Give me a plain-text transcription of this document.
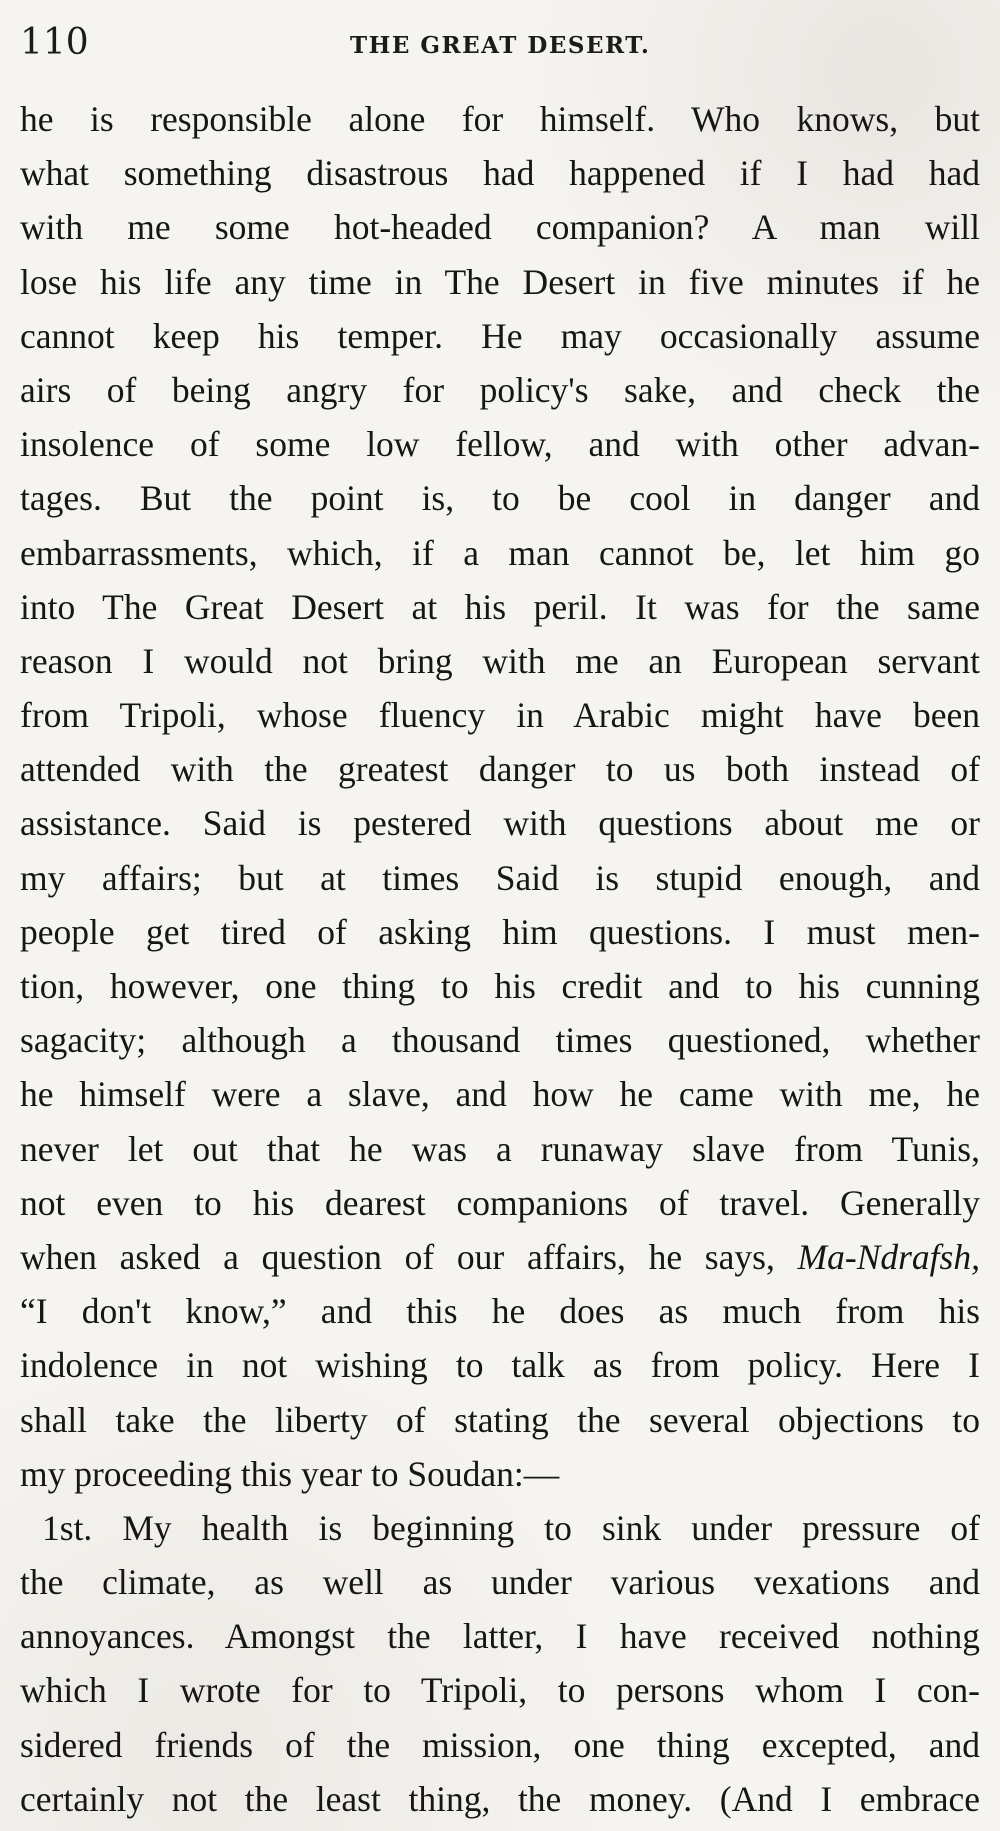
110	THE GREAT DESERT.
he is responsible alone for himself. Who knows, but
what something disastrous had happened if I had had
with me some hot-headed companion? A man will
lose his life any time in The Desert in five minutes if he
cannot keep his temper. He may occasionally assume
airs of being angry for policy's sake, and check the
insolence of some low fellow, and with other advan-
tages. But the point is, to be cool in danger and
embarrassments, which, if a man cannot be, let him go
into The Great Desert at his peril. It was for the same
reason I would not bring with me an European servant
from Tripoli, whose fluency in Arabic might have been
attended with the greatest danger to us both instead of
assistance. Said is pestered with questions about me or
my affairs; but at times Said is stupid enough, and
people get tired of asking him questions. I must men-
tion, however, one thing to his credit and to his cunning
sagacity; although a thousand times questioned, whether
he himself were a slave, and how he came with me, he
never let out that he was a runaway slave from Tunis,
not even to his dearest companions of travel. Generally
when asked a question of our affairs, he says, Ma-Ndrafsh,
“I don't know,” and this he does as much from his
indolence in not wishing to talk as from policy. Here I
shall take the liberty of stating the several objections to
my proceeding this year to Soudan:—
1st. My health is beginning to sink under pressure of
the climate, as well as under various vexations and
annoyances. Amongst the latter, I have received nothing
which I wrote for to Tripoli, to persons whom I con-
sidered friends of the mission, one thing excepted, and
certainly not the least thing, the money. (And I embrace
